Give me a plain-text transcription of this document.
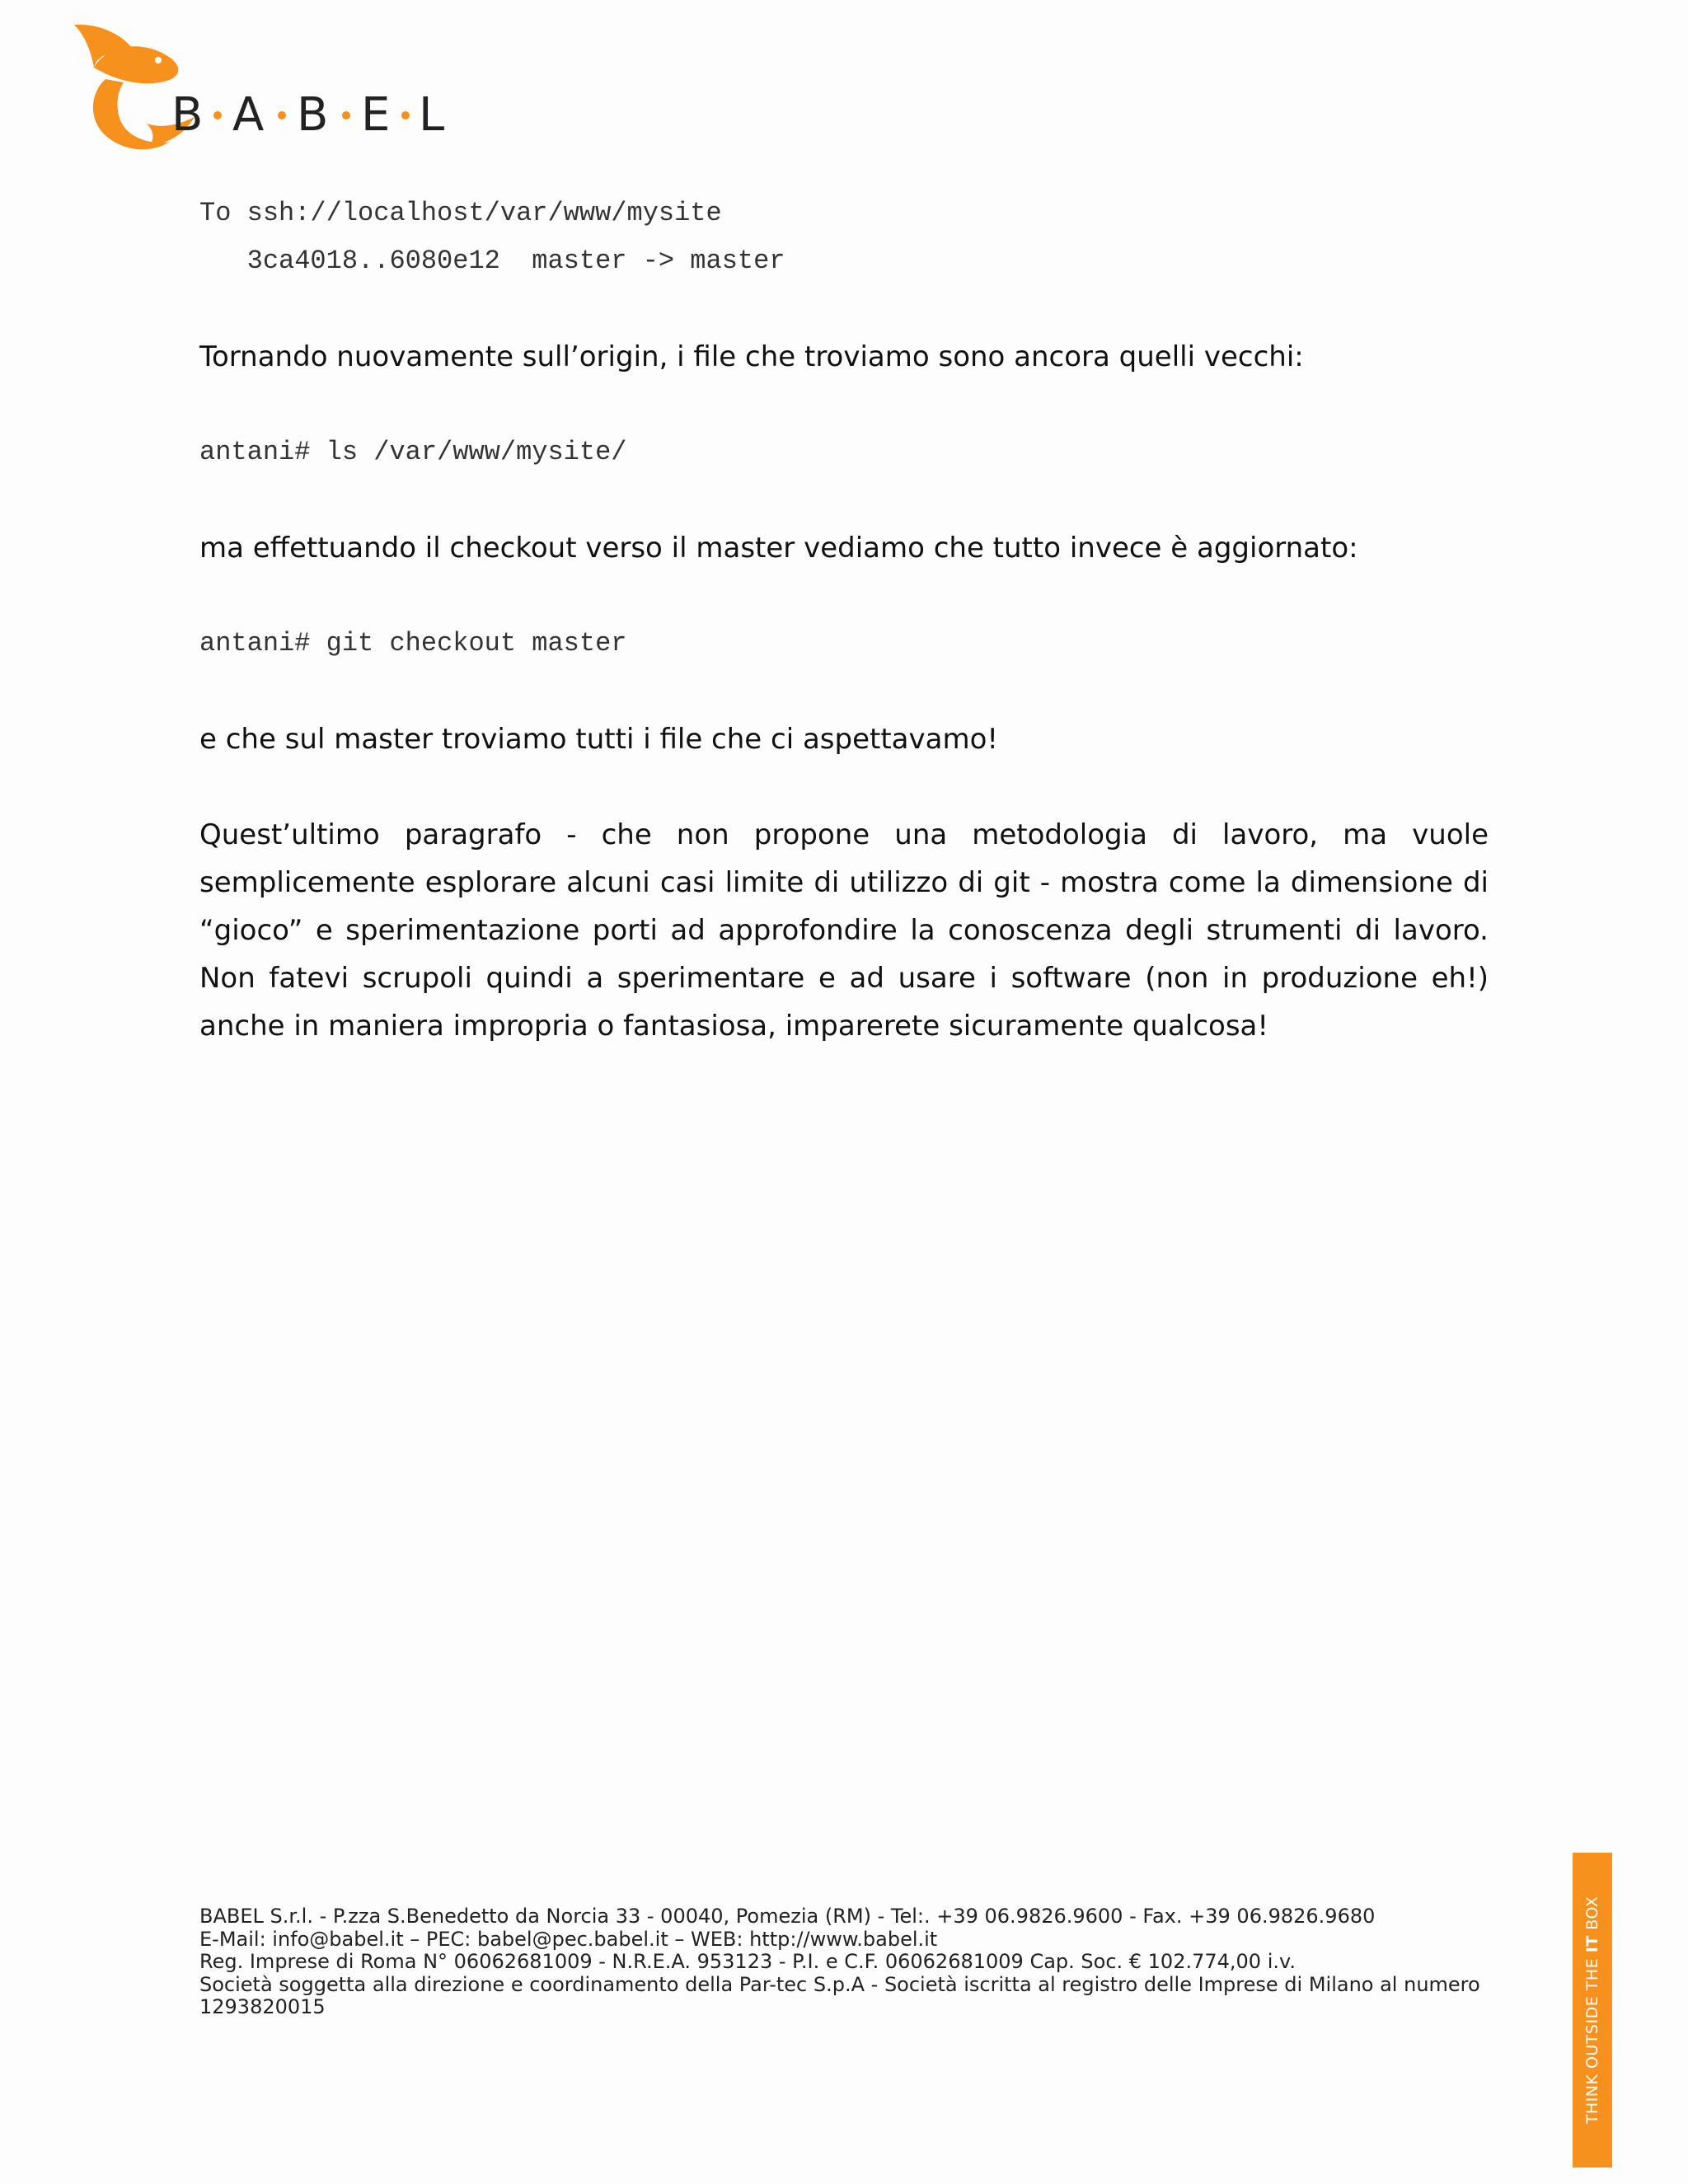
B A B E L
To ssh://localhost/var/www/mysite
3ca4018..6080e12  master -> master

Tornando nuovamente sull’origin, i file che troviamo sono ancora quelli vecchi:

antani# ls /var/www/mysite/

ma effettuando il checkout verso il master vediamo che tutto invece è aggiornato:

antani# git checkout master

e che sul master troviamo tutti i file che ci aspettavamo!

Quest’ultimo paragrafo - che non propone una metodologia di lavoro, ma vuole semplicemente esplorare alcuni casi limite di utilizzo di git - mostra come la dimensione di “gioco” e sperimentazione porti ad approfondire la conoscenza degli strumenti di lavoro. Non fatevi scrupoli quindi a sperimentare e ad usare i software (non in produzione eh!) anche in maniera impropria o fantasiosa, imparerete sicuramente qualcosa!

BABEL S.r.l. - P.zza S.Benedetto da Norcia 33 - 00040, Pomezia (RM) - Tel:. +39 06.9826.9600 - Fax. +39 06.9826.9680
E-Mail: info@babel.it – PEC: babel@pec.babel.it – WEB: http://www.babel.it
Reg. Imprese di Roma N° 06062681009 - N.R.E.A. 953123 - P.I. e C.F. 06062681009 Cap. Soc. € 102.774,00 i.v.
Società soggetta alla direzione e coordinamento della Par-tec S.p.A - Società iscritta al registro delle Imprese di Milano al numero
1293820015	THINK OUTSIDE THE IT BOX
